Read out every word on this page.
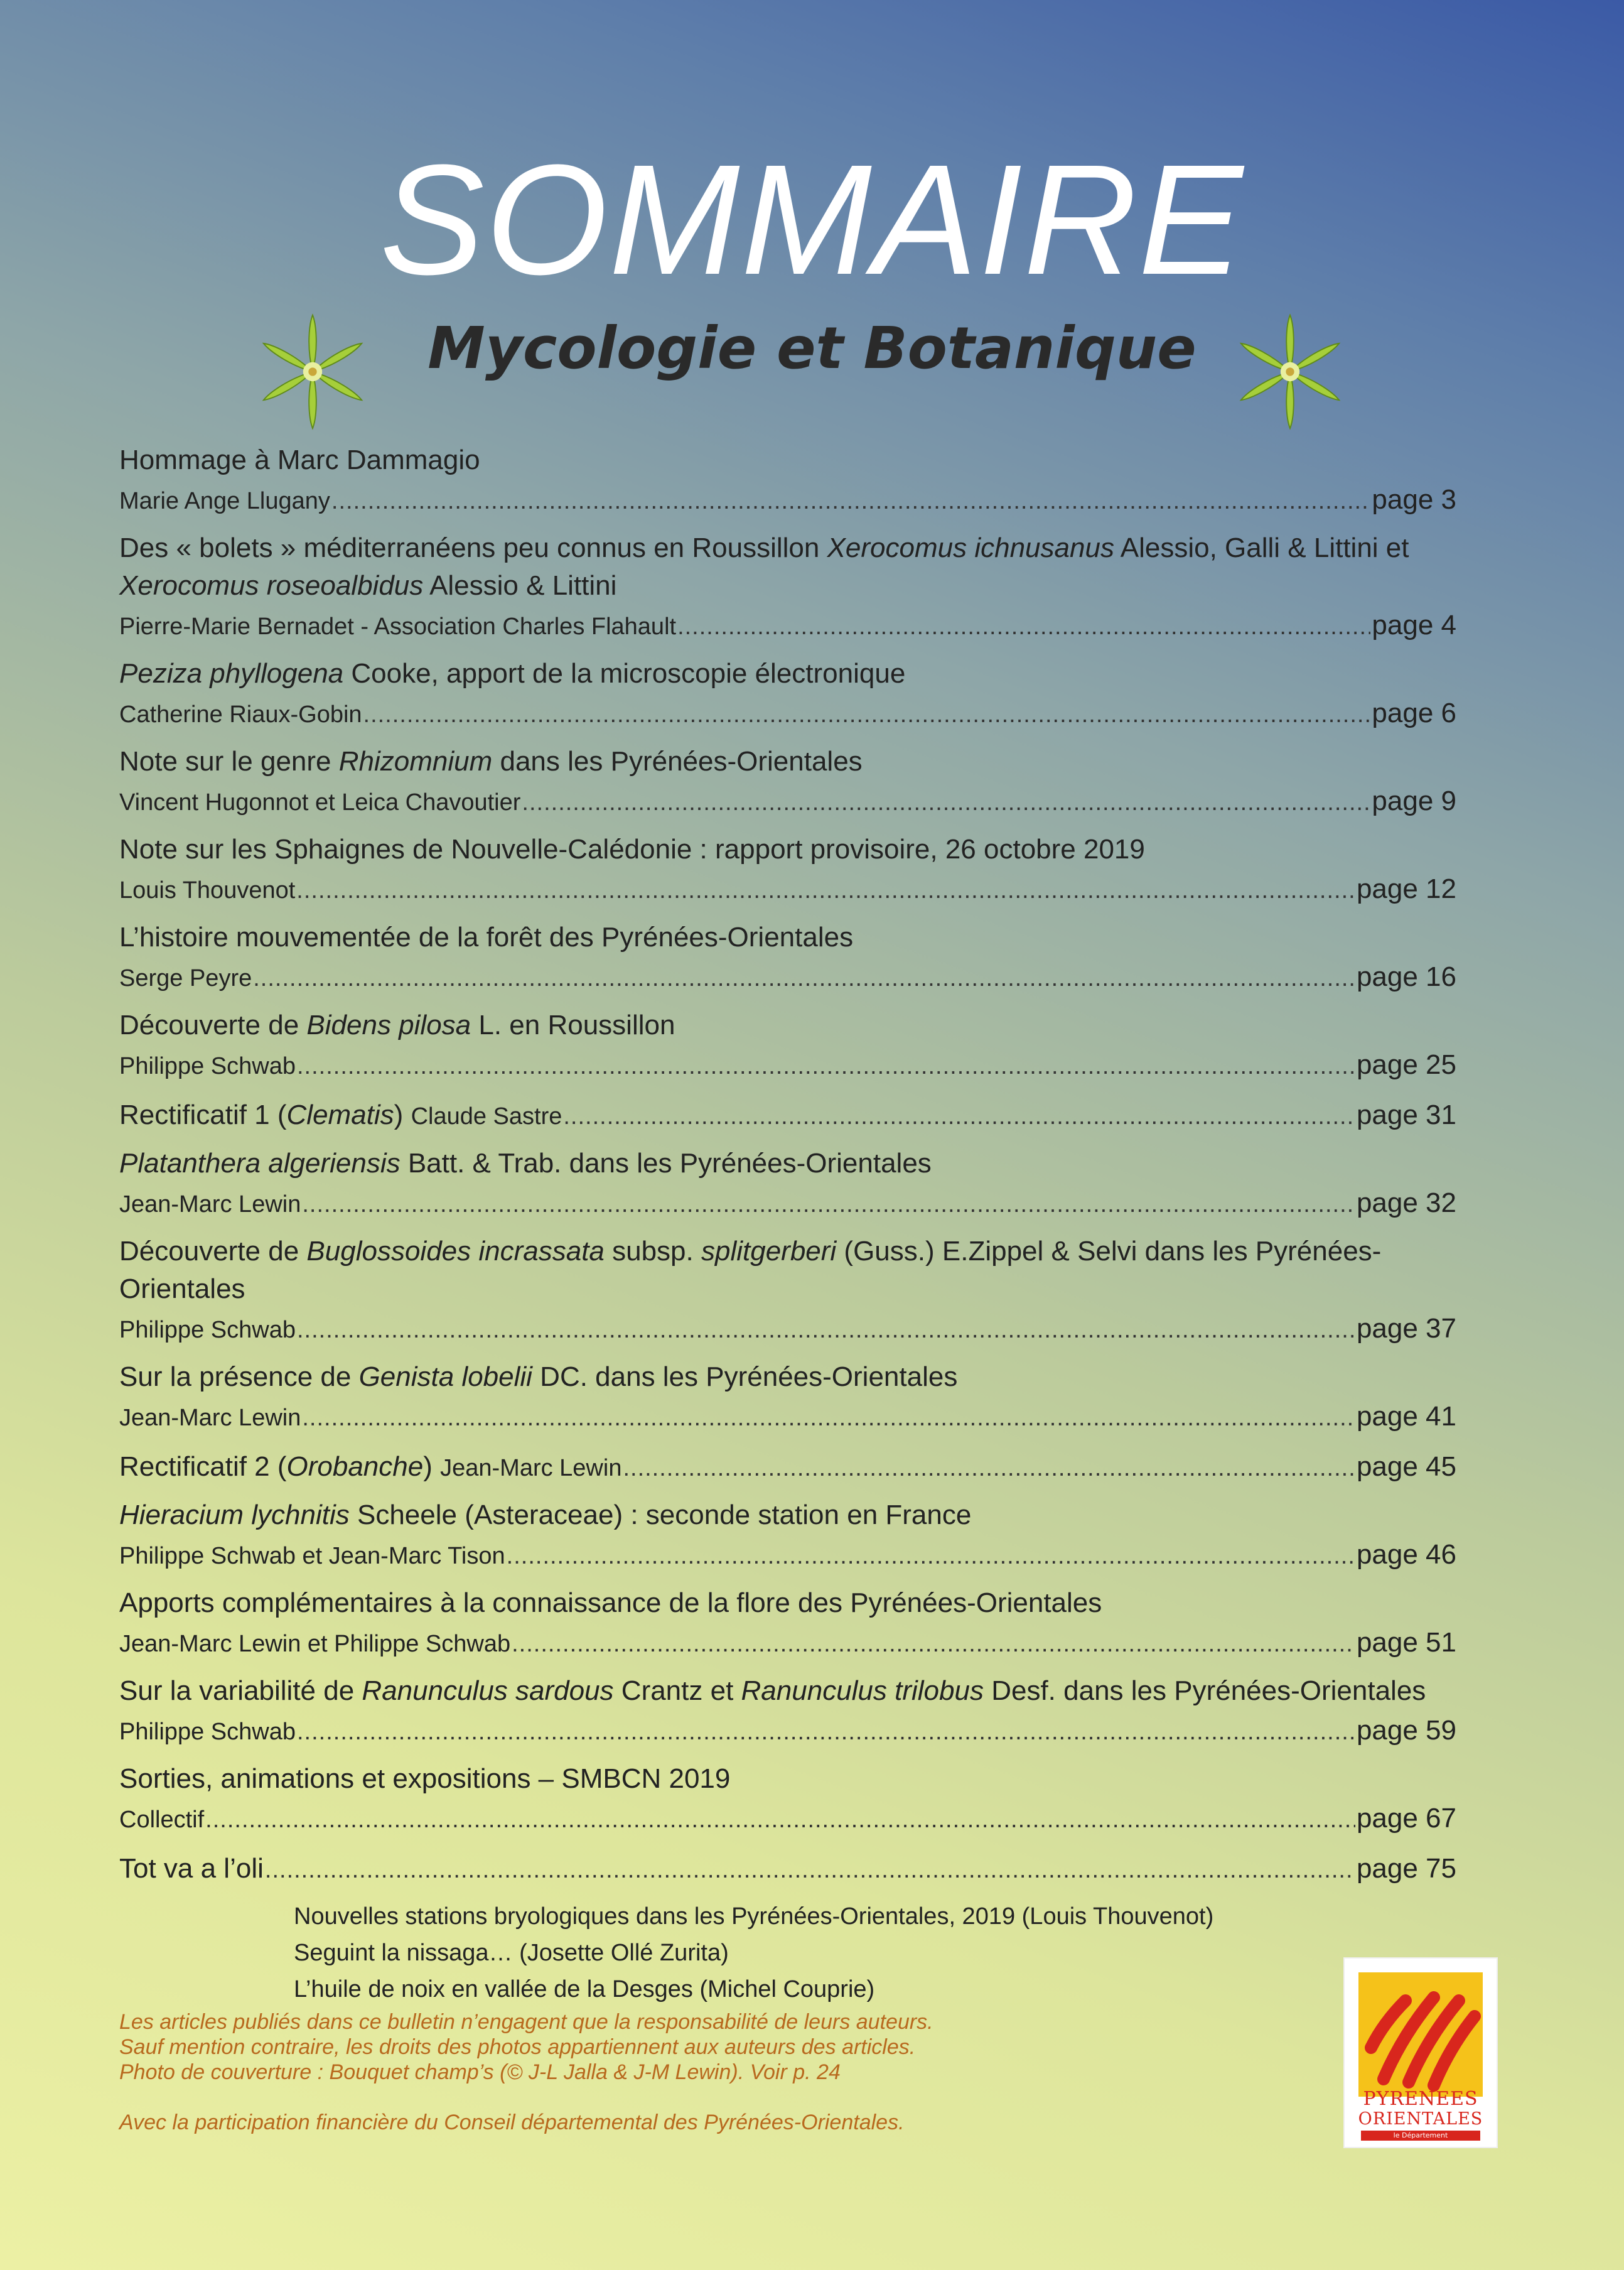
SOMMAIRE
Mycologie et Botanique
Hommage à Marc Dammagio
Marie Ange Llugany .....	page 3
Des « bolets » méditerranéens peu connus en Roussillon Xerocomus ichnusanus Alessio, Galli & Littini et Xerocomus roseoalbidus Alessio & Littini
Pierre-Marie Bernadet - Association Charles Flahault .....	page 4
Peziza phyllogena Cooke, apport de la microscopie électronique
Catherine Riaux-Gobin .....	page 6
Note sur le genre Rhizomnium dans les Pyrénées-Orientales
Vincent Hugonnot et Leica Chavoutier .....	page 9
Note sur les Sphaignes de Nouvelle-Calédonie : rapport provisoire, 26 octobre 2019
Louis Thouvenot .....	page 12
L’histoire mouvementée de la forêt des Pyrénées-Orientales
Serge Peyre .....	page 16
Découverte de Bidens pilosa L. en Roussillon
Philippe Schwab .....	page 25
Rectificatif 1 (Clematis) Claude Sastre .....	page 31
Platanthera algeriensis Batt. & Trab. dans les Pyrénées-Orientales
Jean-Marc Lewin .....	page 32
Découverte de Buglossoides incrassata subsp. splitgerberi (Guss.) E.Zippel & Selvi dans les Pyrénées-Orientales
Philippe Schwab .....	page 37
Sur la présence de Genista lobelii DC. dans les Pyrénées-Orientales
Jean-Marc Lewin .....	page 41
Rectificatif 2 (Orobanche) Jean-Marc Lewin .....	page 45
Hieracium lychnitis Scheele (Asteraceae) : seconde station en France
Philippe Schwab et Jean-Marc Tison .....	page 46
Apports complémentaires à la connaissance de la flore des Pyrénées-Orientales
Jean-Marc Lewin et Philippe Schwab .....	page 51
Sur la variabilité de Ranunculus sardous Crantz et Ranunculus trilobus Desf. dans les Pyrénées-Orientales
Philippe Schwab .....	page 59
Sorties, animations et expositions – SMBCN 2019
Collectif .....	page 67
Tot va a l’oli .....	page 75
Nouvelles stations bryologiques dans les Pyrénées-Orientales, 2019 (Louis Thouvenot)
Seguint la nissaga… (Josette Ollé Zurita)
L’huile de noix en vallée de la Desges (Michel Couprie)
Les articles publiés dans ce bulletin n’engagent que la responsabilité de leurs auteurs.
Sauf mention contraire, les droits des photos appartiennent aux auteurs des articles.
Photo de couverture : Bouquet champ’s (© J-L Jalla & J-M Lewin). Voir p. 24
Avec la participation financière du Conseil départemental des Pyrénées-Orientales.
PYRENEES
ORIENTALES
le Département
